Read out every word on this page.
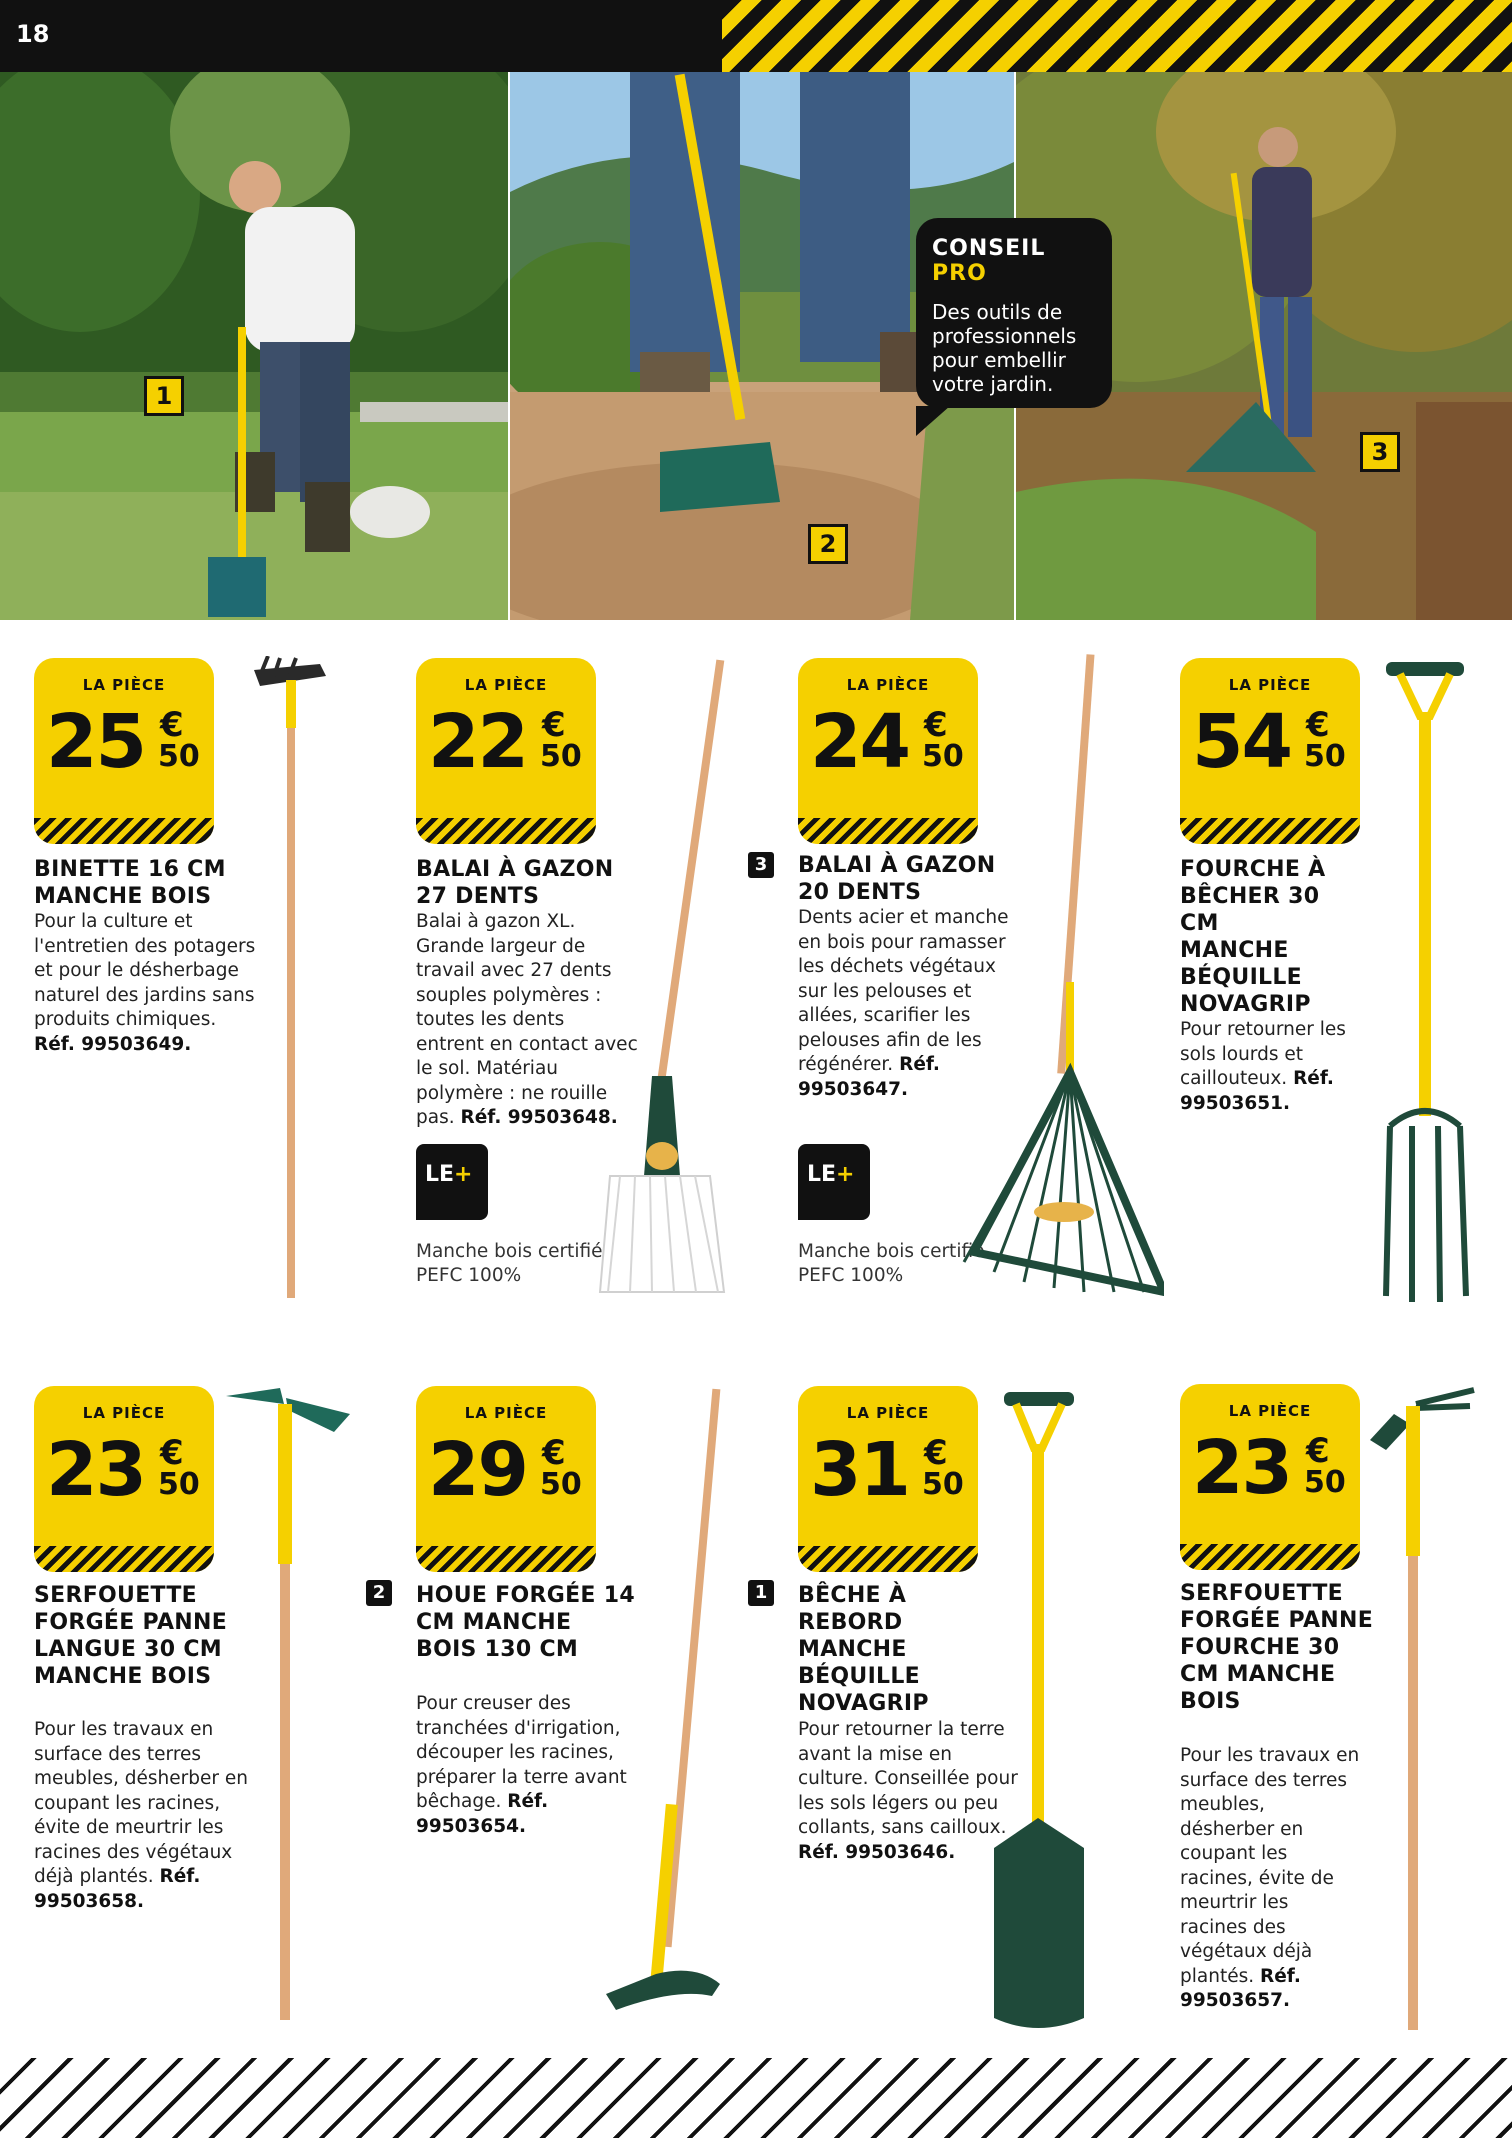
18
1
2
3
CONSEIL PRO
Des outils de professionnels pour embellir votre jardin.
LA PIÈCE
25 €
50
BINETTE 16 CM MANCHE BOIS
Pour la culture et l'entretien des potagers et pour le désherbage naturel des jardins sans produits chimiques. Réf. 99503649.
LA PIÈCE
22 €
50
BALAI À GAZON 27 DENTS
Balai à gazon XL. Grande largeur de travail avec 27 dents souples polymères : toutes les dents entrent en contact avec le sol. Matériau polymère : ne rouille pas. Réf. 99503648.
LE+
Manche bois certifié PEFC 100%
LA PIÈCE
24 €
50
3	BALAI À GAZON 20 DENTS
Dents acier et manche en bois pour ramasser les déchets végétaux sur les pelouses et allées, scarifier les pelouses afin de les régénérer. Réf. 99503647.
LE+
Manche bois certifié PEFC 100%
LA PIÈCE
54 €
50
FOURCHE À BÊCHER 30 CM MANCHE BÉQUILLE NOVAGRIP
Pour retourner les sols lourds et caillouteux. Réf. 99503651.
LA PIÈCE
23 €
50
SERFOUETTE FORGÉE PANNE LANGUE 30 CM MANCHE BOIS
Pour les travaux en surface des terres meubles, désherber en coupant les racines, évite de meurtrir les racines des végétaux déjà plantés. Réf. 99503658.
LA PIÈCE
29 €
50
2	HOUE FORGÉE 14 CM MANCHE BOIS 130 CM
Pour creuser des tranchées d'irrigation, découper les racines, préparer la terre avant bêchage. Réf. 99503654.
LA PIÈCE
31 €
50
1	BÊCHE À REBORD MANCHE BÉQUILLE NOVAGRIP
Pour retourner la terre avant la mise en culture. Conseillée pour les sols légers ou peu collants, sans cailloux. Réf. 99503646.
LA PIÈCE
23 €
50
SERFOUETTE FORGÉE PANNE FOURCHE 30 CM MANCHE BOIS
Pour les travaux en surface des terres meubles, désherber en coupant les racines, évite de meurtrir les racines des végétaux déjà plantés. Réf. 99503657.
